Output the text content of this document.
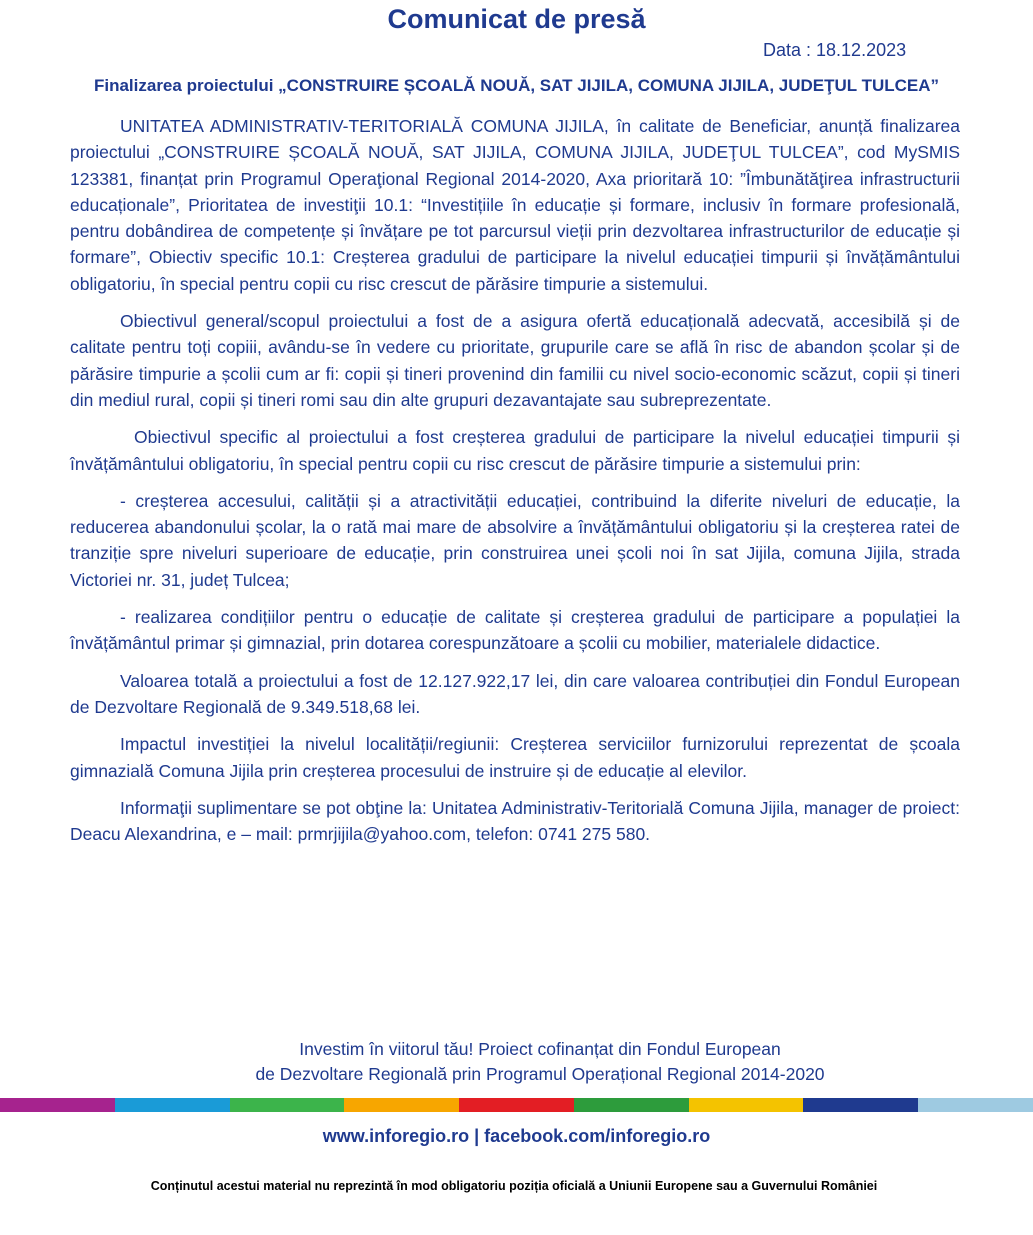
Comunicat de presă
Data : 18.12.2023
Finalizarea proiectului „CONSTRUIRE ȘCOALĂ NOUĂ, SAT JIJILA, COMUNA JIJILA, JUDEŢUL TULCEA”

UNITATEA ADMINISTRATIV-TERITORIALĂ COMUNA JIJILA, în calitate de Beneficiar, anunță finalizarea proiectului „CONSTRUIRE ȘCOALĂ NOUĂ, SAT JIJILA, COMUNA JIJILA, JUDEŢUL TULCEA”, cod MySMIS 123381, finanțat prin Programul Operaţional Regional 2014-2020, Axa prioritară 10: ”Îmbunătăţirea infrastructurii educaționale”, Prioritatea de investiţii 10.1: “Investițiile în educație și formare, inclusiv în formare profesională, pentru dobândirea de competențe și învățare pe tot parcursul vieții prin dezvoltarea infrastructurilor de educație și formare”, Obiectiv specific 10.1: Creșterea gradului de participare la nivelul educației timpurii și învățământului obligatoriu, în special pentru copii cu risc crescut de părăsire timpurie a sistemului.

Obiectivul general/scopul proiectului a fost de a asigura ofertă educațională adecvată, accesibilă și de calitate pentru toți copiii, avându-se în vedere cu prioritate, grupurile care se află în risc de abandon școlar și de părăsire timpurie a școlii cum ar fi: copii și tineri provenind din familii cu nivel socio-economic scăzut, copii și tineri din mediul rural, copii și tineri romi sau din alte grupuri dezavantajate sau subreprezentate.

Obiectivul specific al proiectului a fost creșterea gradului de participare la nivelul educației timpurii și învățământului obligatoriu, în special pentru copii cu risc crescut de părăsire timpurie a sistemului prin:

- creșterea accesului, calității și a atractivității educației, contribuind la diferite niveluri de educație, la reducerea abandonului școlar, la o rată mai mare de absolvire a învățământului obligatoriu și la creșterea ratei de tranziție spre niveluri superioare de educație, prin construirea unei școli noi în sat Jijila, comuna Jijila, strada Victoriei nr. 31, județ Tulcea;

- realizarea condițiilor pentru o educație de calitate și creșterea gradului de participare a populației la învățământul primar și gimnazial, prin dotarea corespunzătoare a școlii cu mobilier, materialele didactice.

Valoarea totală a proiectului a fost de 12.127.922,17 lei, din care valoarea contribuției din Fondul European de Dezvoltare Regională de 9.349.518,68 lei.

Impactul investiției la nivelul localității/regiunii: Creșterea serviciilor furnizorului reprezentat de școala gimnazială Comuna Jijila prin creșterea procesului de instruire și de educație al elevilor.

Informaţii suplimentare se pot obţine la: Unitatea Administrativ-Teritorială Comuna Jijila, manager de proiect: Deacu Alexandrina, e – mail: prmrjijila@yahoo.com, telefon: 0741 275 580.

Investim în viitorul tău! Proiect cofinanțat din Fondul European
de Dezvoltare Regională prin Programul Operațional Regional 2014-2020
www.inforegio.ro | facebook.com/inforegio.ro
Conținutul acestui material nu reprezintă în mod obligatoriu poziția oficială a Uniunii Europene sau a Guvernului României
